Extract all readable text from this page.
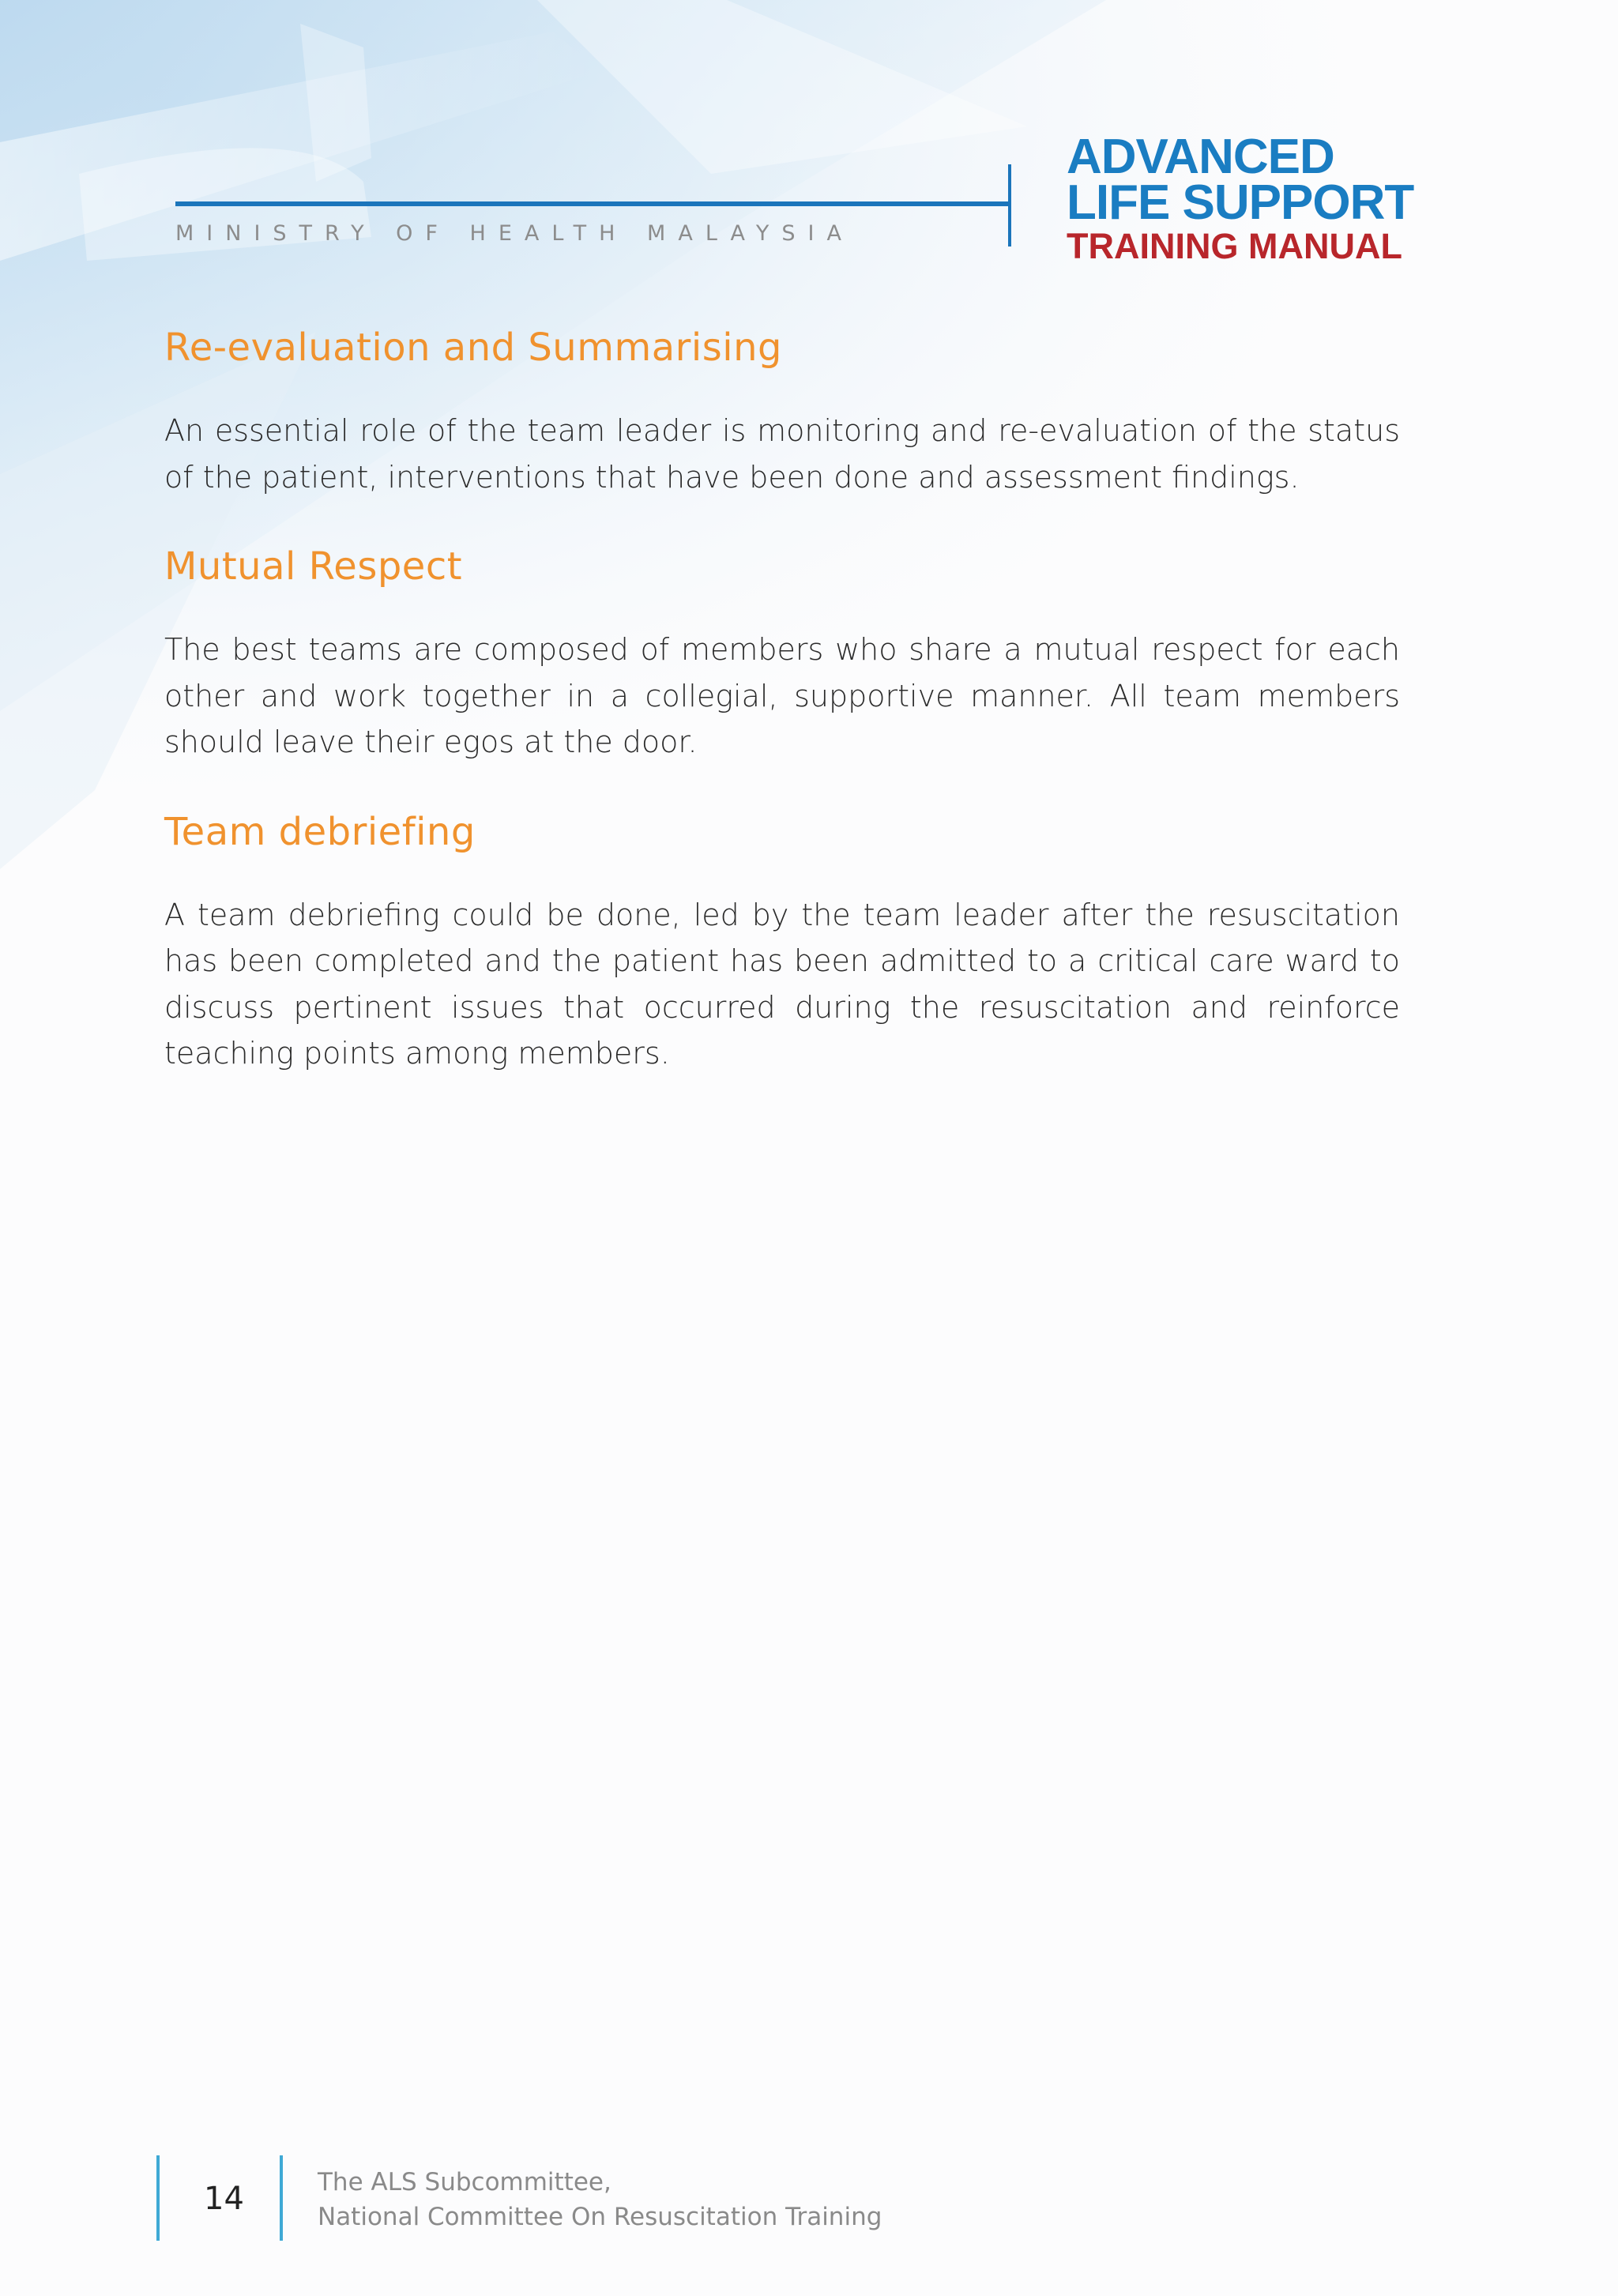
MINISTRY OF HEALTH MALAYSIA
ADVANCED
LIFE SUPPORT
TRAINING MANUAL
Re-evaluation and Summarising

An essential role of the team leader is monitoring and re-evaluation of the status of the patient, interventions that have been done and assessment findings.

Mutual Respect

The best teams are composed of members who share a mutual respect for each other and work together in a collegial, supportive manner. All team members should leave their egos at the door.

Team debriefing

A team debriefing could be done, led by the team leader after the resuscitation has been completed and the patient has been admitted to a critical care ward to discuss pertinent issues that occurred during the resuscitation and reinforce teaching points among members.

14	The ALS Subcommittee,
National Committee On Resuscitation Training
